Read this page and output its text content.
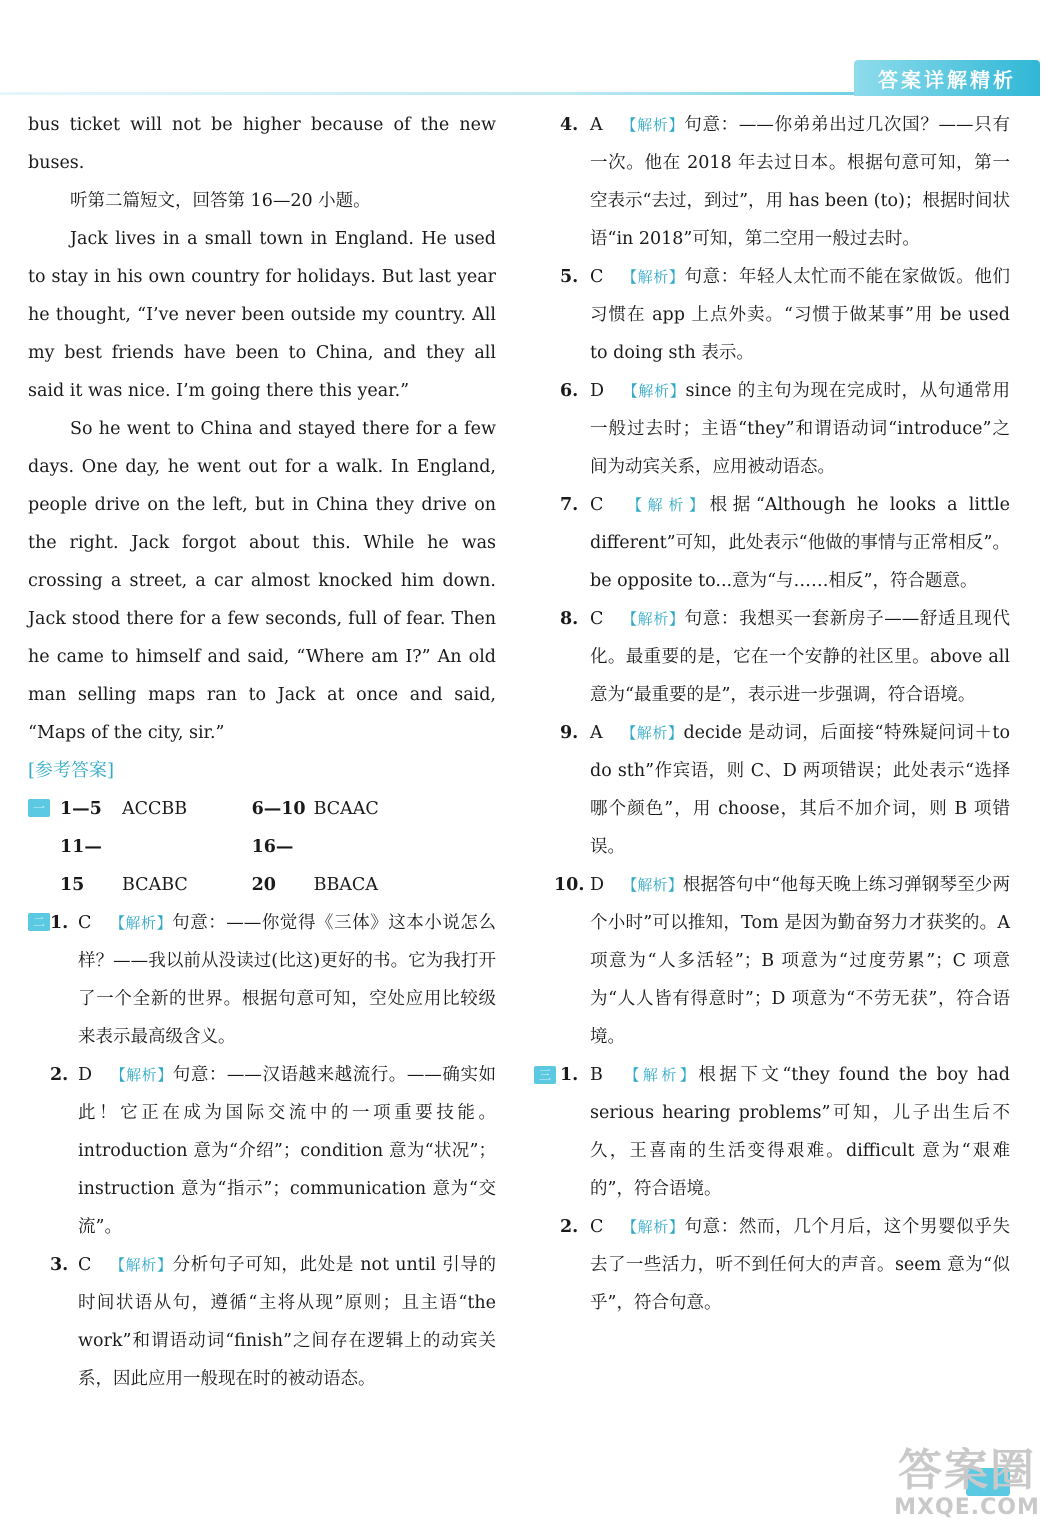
答案详解精析

bus ticket will not be higher because of the new buses.

听第二篇短文，回答第 16—20 小题。

Jack lives in a small town in England. He used to stay in his own country for holidays. But last year he thought, “I’ve never been outside my country. All my best friends have been to China, and they all said it was nice. I’m going there this year.”

So he went to China and stayed there for a few days. One day, he went out for a walk. In England, people drive on the left, but in China they drive on the right. Jack forgot about this. While he was crossing a street, a car almost knocked him down. Jack stood there for a few seconds, full of fear. Then he came to himself and said, “Where am I?” An old man selling maps ran to Jack at once and said, “Maps of the city, sir.”

[参考答案]
一 1—5 ACCBB	6—10 BCAAC
11—15 BCABC 16—20 BBACA
二 1. C 【解析】句意：——你觉得《三体》这本小说怎么样？——我以前从没读过(比这)更好的书。它为我打开了一个全新的世界。根据句意可知，空处应用比较级来表示最高级含义。
2. D 【解析】句意：——汉语越来越流行。——确实如此！它正在成为国际交流中的一项重要技能。introduction 意为“介绍”；condition 意为“状况”；instruction 意为“指示”；communication 意为“交流”。
3. C 【解析】分析句子可知，此处是 not until 引导的时间状语从句，遵循“主将从现”原则；且主语“the work”和谓语动词“finish”之间存在逻辑上的动宾关系，因此应用一般现在时的被动语态。
4. A 【解析】句意：——你弟弟出过几次国？——只有一次。他在 2018 年去过日本。根据句意可知，第一空表示“去过，到过”，用 has been (to)；根据时间状语“in 2018”可知，第二空用一般过去时。
5. C 【解析】句意：年轻人太忙而不能在家做饭。他们习惯在 app 上点外卖。“习惯于做某事”用 be used to doing sth 表示。
6. D 【解析】since 的主句为现在完成时，从句通常用一般过去时；主语“they”和谓语动词“introduce”之间为动宾关系，应用被动语态。
7. C 【解析】根据“Although he looks a little different”可知，此处表示“他做的事情与正常相反”。be opposite to...意为“与……相反”，符合题意。
8. C 【解析】句意：我想买一套新房子——舒适且现代化。最重要的是，它在一个安静的社区里。above all 意为“最重要的是”，表示进一步强调，符合语境。
9. A 【解析】decide 是动词，后面接“特殊疑问词＋to do sth”作宾语，则 C、D 两项错误；此处表示“选择哪个颜色”，用 choose，其后不加介词，则 B 项错误。
10. D 【解析】根据答句中“他每天晚上练习弹钢琴至少两个小时”可以推知，Tom 是因为勤奋努力才获奖的。A 项意为“人多活轻”；B 项意为“过度劳累”；C 项意为“人人皆有得意时”；D 项意为“不劳无获”，符合语境。
三 1. B 【解析】根据下文“they found the boy had serious hearing problems”可知，儿子出生后不久，王喜南的生活变得艰难。difficult 意为“艰难的”，符合语境。
2. C 【解析】句意：然而，几个月后，这个男婴似乎失去了一些活力，听不到任何大的声音。seem 意为“似乎”，符合句意。
答案圈
MXQE.COM
